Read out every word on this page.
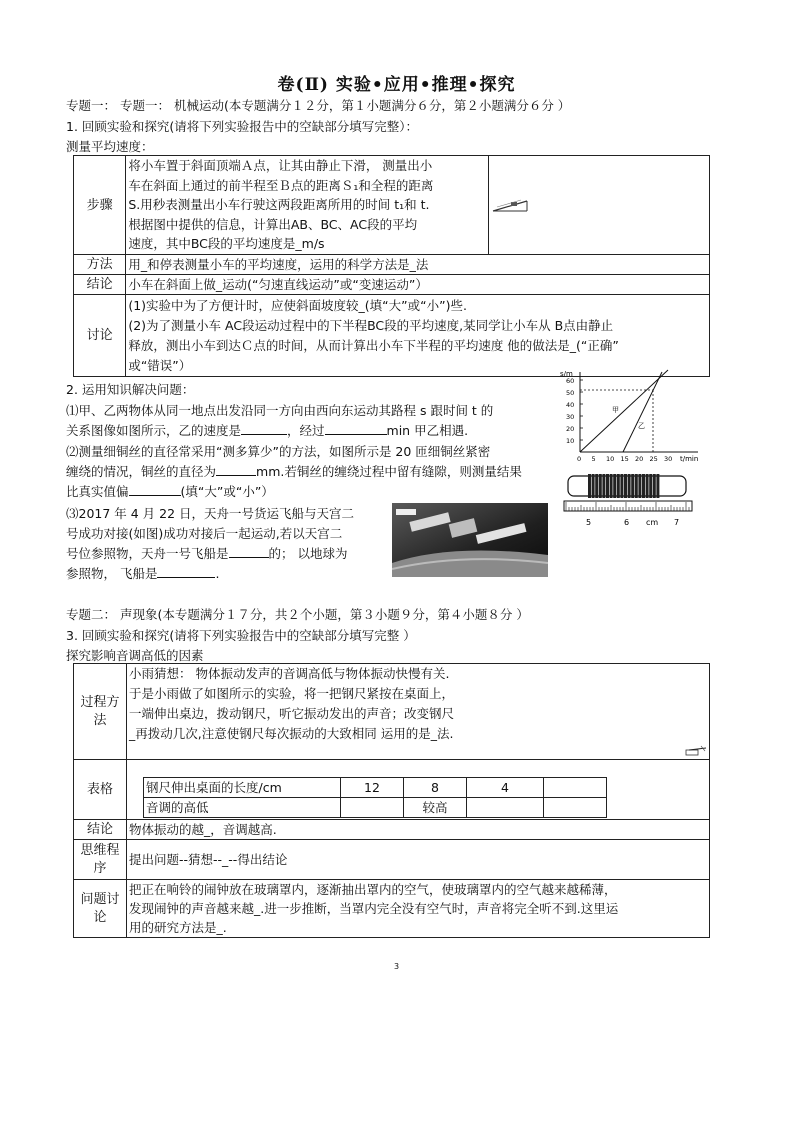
卷(Ⅱ) 实验•应用•推理•探究
专题一： 专题一： 机械运动(本专题满分１２分，第１小题满分６分，第２小题满分６分 ）
1. 回顾实验和探究(请将下列实验报告中的空缺部分填写完整）：
测量平均速度：
步骤	将小车置于斜面顶端Ａ点，让其由静止下滑， 测量出小
车在斜面上通过的前半程至Ｂ点的距离Ｓ₁和全程的距离
S.用秒表测量出小车行驶这两段距离所用的时间 t₁和 t.
根据图中提供的信息，计算出AB、BC、AC段的平均
速度，其中BC段的平均速度是_m/s

方法	用_和停表测量小车的平均速度，运用的科学方法是_法	
结论	小车在斜面上做_运动(“匀速直线运动”或“变速运动”）	
讨论	(1)实验中为了方便计时，应使斜面坡度较_(填“大”或“小”)些.
(2)为了测量小车 AC段运动过程中的下半程BC段的平均速度,某同学让小车从 B点由静止
释放，测出小车到达Ｃ点的时间，从而计算出小车下半程的平均速度 他的做法是_(“正确”
或“错误”）	
2. 运用知识解决问题：
⑴甲、乙两物体从同一地点出发沿同一方向由西向东运动其路程 s 跟时间 t 的
关系图像如图所示，乙的速度是	，经过	min 甲乙相遇.
⑵测量细铜丝的直径常采用“测多算少”的方法，如图所示是 20 匝细铜丝紧密
缠绕的情况，铜丝的直径为	mm.若铜丝的缠绕过程中留有缝隙，则测量结果
比真实值偏	(填“大”或“小”）
⑶2017 年 4 月 22 日，天舟一号货运飞船与天宫二
号成功对接(如图)成功对接后一起运动,若以天宫二
号位参照物，天舟一号飞船是	的； 以地球为
参照物， 飞船是	.
s/m
60
50
40
30
20
10
0 5 10 15 20 25 30
甲
乙
t/min
5	6 cm 7
专题二： 声现象(本专题满分１７分，共２个小题，第３小题９分，第４小题８分 ）
3. 回顾实验和探究(请将下列实验报告中的空缺部分填写完整 ）
探究影响音调高低的因素
过程方法	
小雨猜想： 物体振动发声的音调高低与物体振动快慢有关.
于是小雨做了如图所示的实验，将一把钢尺紧按在桌面上，
一端伸出桌边，拨动钢尺，听它振动发出的声音；改变钢尺
_再拨动几次,注意使钢尺每次振动的大致相同 运用的是_法.

表格		钢尺伸出桌面的长度/cm	12	8	4	
音调的高低		较高		

结论	物体振动的越_，音调越高.
思维程序	提出问题--猜想--_--得出结论
问题讨论	
把正在响铃的闹钟放在玻璃罩内，逐渐抽出罩内的空气，使玻璃罩内的空气越来越稀薄，
发现闹钟的声音越来越_.进一步推断，当罩内完全没有空气时，声音将完全听不到.这里运
用的研究方法是_.
3
